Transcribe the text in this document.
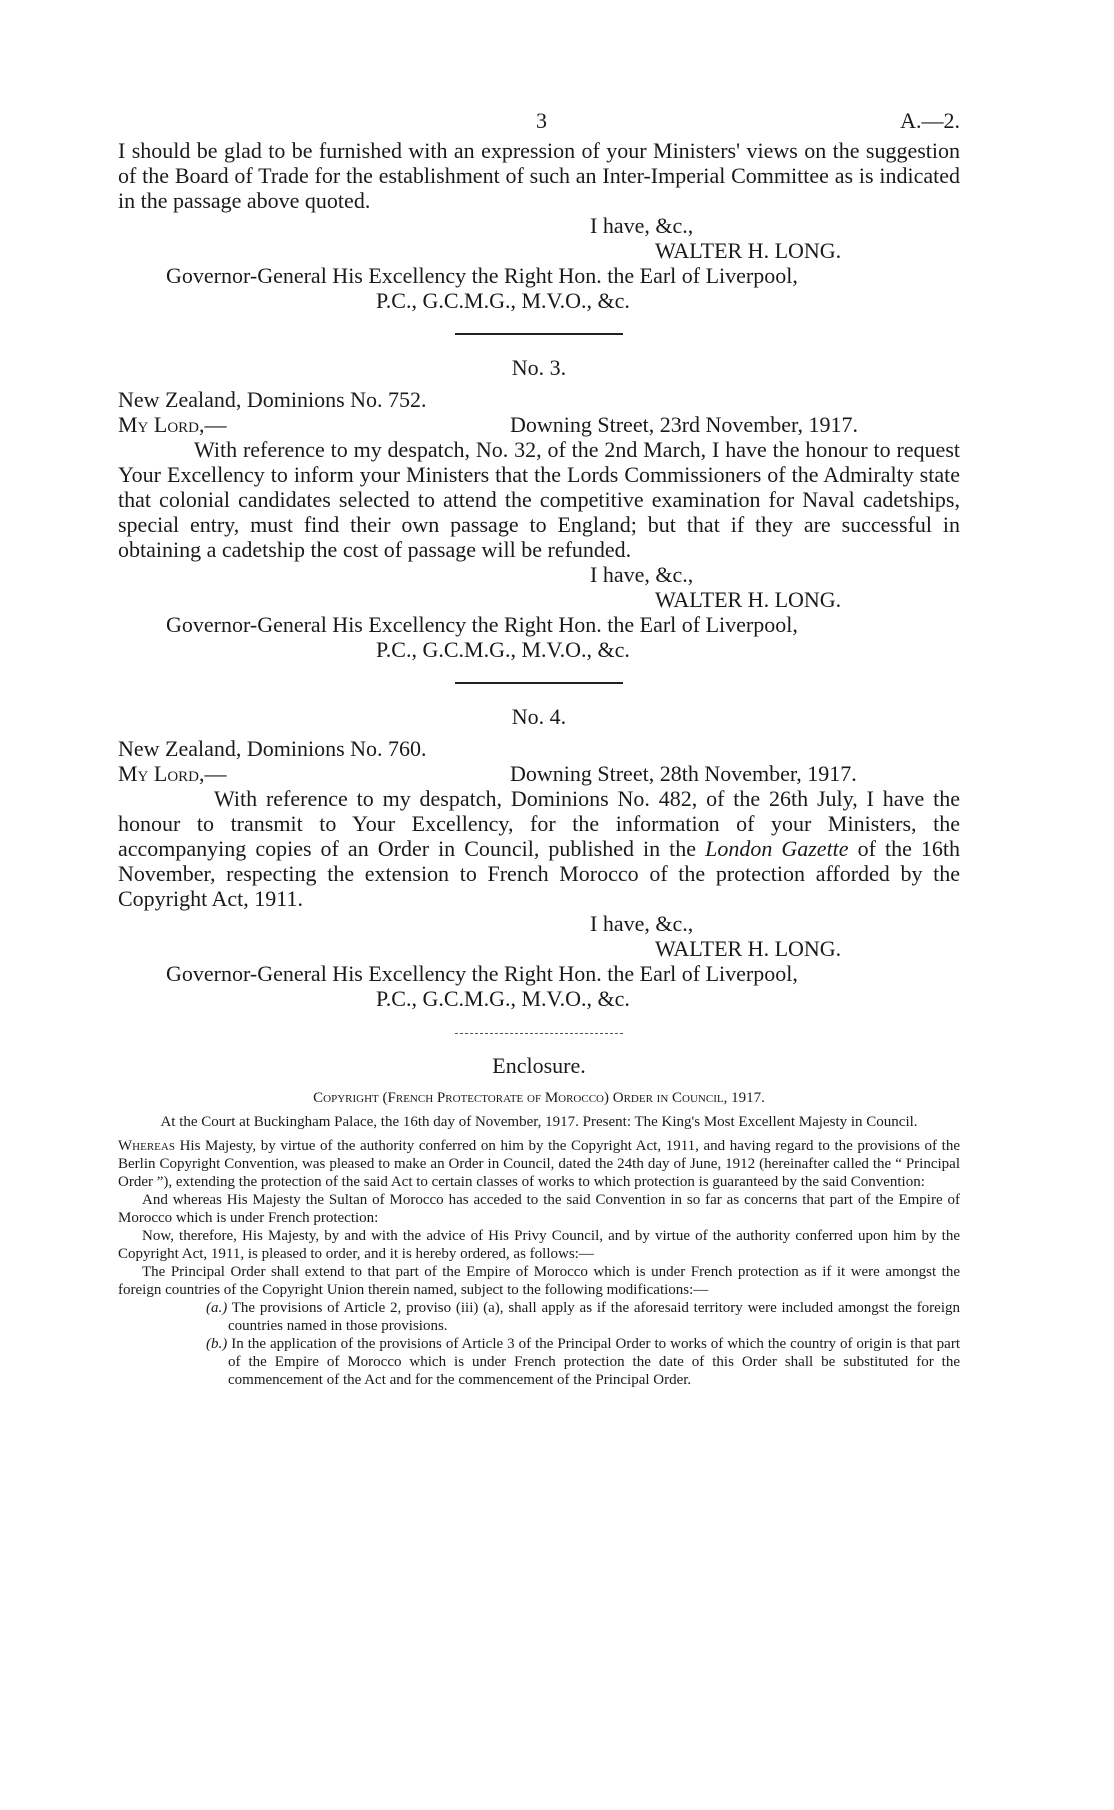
3	A.—2.

I should be glad to be furnished with an expression of your Ministers' views on the suggestion of the Board of Trade for the establishment of such an Inter-Imperial Committee as is indicated in the passage above quoted.

I have, &c.,

WALTER H. LONG.

Governor-General His Excellency the Right Hon. the Earl of Liverpool,

P.C., G.C.M.G., M.V.O., &c.

No. 3.

New Zealand, Dominions No. 752.

My Lord,—	Downing Street, 23rd November, 1917.

With reference to my despatch, No. 32, of the 2nd March, I have the honour to request Your Excellency to inform your Ministers that the Lords Commissioners of the Admiralty state that colonial candidates selected to attend the competitive examination for Naval cadetships, special entry, must find their own passage to England; but that if they are successful in obtaining a cadetship the cost of passage will be refunded.

I have, &c.,

WALTER H. LONG.

Governor-General His Excellency the Right Hon. the Earl of Liverpool,

P.C., G.C.M.G., M.V.O., &c.

No. 4.

New Zealand, Dominions No. 760.

My Lord,—	Downing Street, 28th November, 1917.

With reference to my despatch, Dominions No. 482, of the 26th July, I have the honour to transmit to Your Excellency, for the information of your Ministers, the accompanying copies of an Order in Council, published in the London Gazette of the 16th November, respecting the extension to French Morocco of the protection afforded by the Copyright Act, 1911.

I have, &c.,

WALTER H. LONG.

Governor-General His Excellency the Right Hon. the Earl of Liverpool,

P.C., G.C.M.G., M.V.O., &c.

Enclosure.

Copyright (French Protectorate of Morocco) Order in Council, 1917.

At the Court at Buckingham Palace, the 16th day of November, 1917. Present: The King's Most Excellent Majesty in Council.

Whereas His Majesty, by virtue of the authority conferred on him by the Copyright Act, 1911, and having regard to the provisions of the Berlin Copyright Convention, was pleased to make an Order in Council, dated the 24th day of June, 1912 (hereinafter called the “ Principal Order ”), extending the protection of the said Act to certain classes of works to which protection is guaranteed by the said Convention:

And whereas His Majesty the Sultan of Morocco has acceded to the said Convention in so far as concerns that part of the Empire of Morocco which is under French protection:

Now, therefore, His Majesty, by and with the advice of His Privy Council, and by virtue of the authority conferred upon him by the Copyright Act, 1911, is pleased to order, and it is hereby ordered, as follows:—

The Principal Order shall extend to that part of the Empire of Morocco which is under French protection as if it were amongst the foreign countries of the Copyright Union therein named, subject to the following modifications:—

(a.) The provisions of Article 2, proviso (iii) (a), shall apply as if the aforesaid territory were included amongst the foreign countries named in those provisions.

(b.) In the application of the provisions of Article 3 of the Principal Order to works of which the country of origin is that part of the Empire of Morocco which is under French protection the date of this Order shall be substituted for the commencement of the Act and for the commencement of the Principal Order.
